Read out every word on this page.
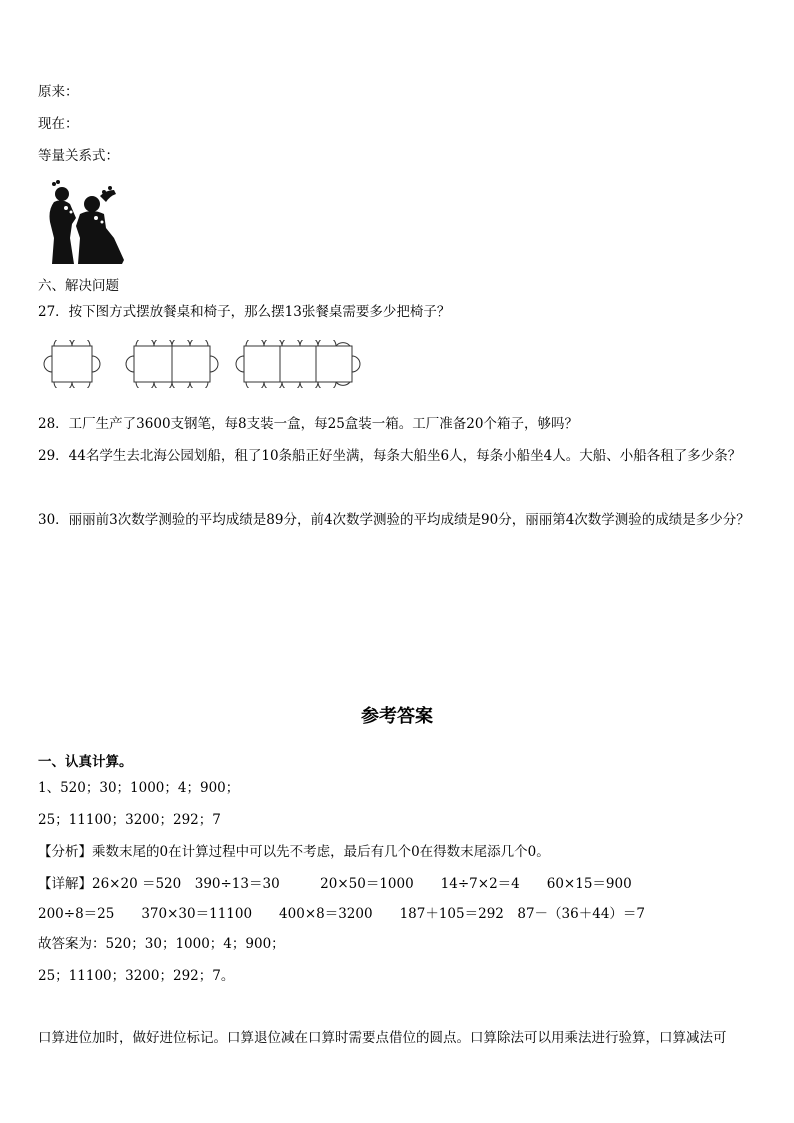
原来：
现在：
等量关系式：
六、解决问题
27．按下图方式摆放餐桌和椅子，那么摆13张餐桌需要多少把椅子？
28．工厂生产了3600支钢笔，每8支装一盒，每25盒装一箱。工厂准备20个箱子，够吗？
29．44名学生去北海公园划船，租了10条船正好坐满，每条大船坐6人，每条小船坐4人。大船、小船各租了多少条？
30．丽丽前3次数学测验的平均成绩是89分，前4次数学测验的平均成绩是90分，丽丽第4次数学测验的成绩是多少分？
参考答案
一、认真计算。
1、520；30；1000；4；900；
25；11100；3200；292；7
【分析】乘数末尾的0在计算过程中可以先不考虑，最后有几个0在得数末尾添几个0。
【详解】26×20 ＝520　390÷13＝30　　　20×50＝1000　　14÷7×2＝4　　60×15＝900
200÷8＝25　　370×30＝11100　　400×8＝3200　　187＋105＝292　87－（36＋44）＝7
故答案为：520；30；1000；4；900；
25；11100；3200；292；7。
口算进位加时，做好进位标记。口算退位减在口算时需要点借位的圆点。口算除法可以用乘法进行验算，口算减法可
